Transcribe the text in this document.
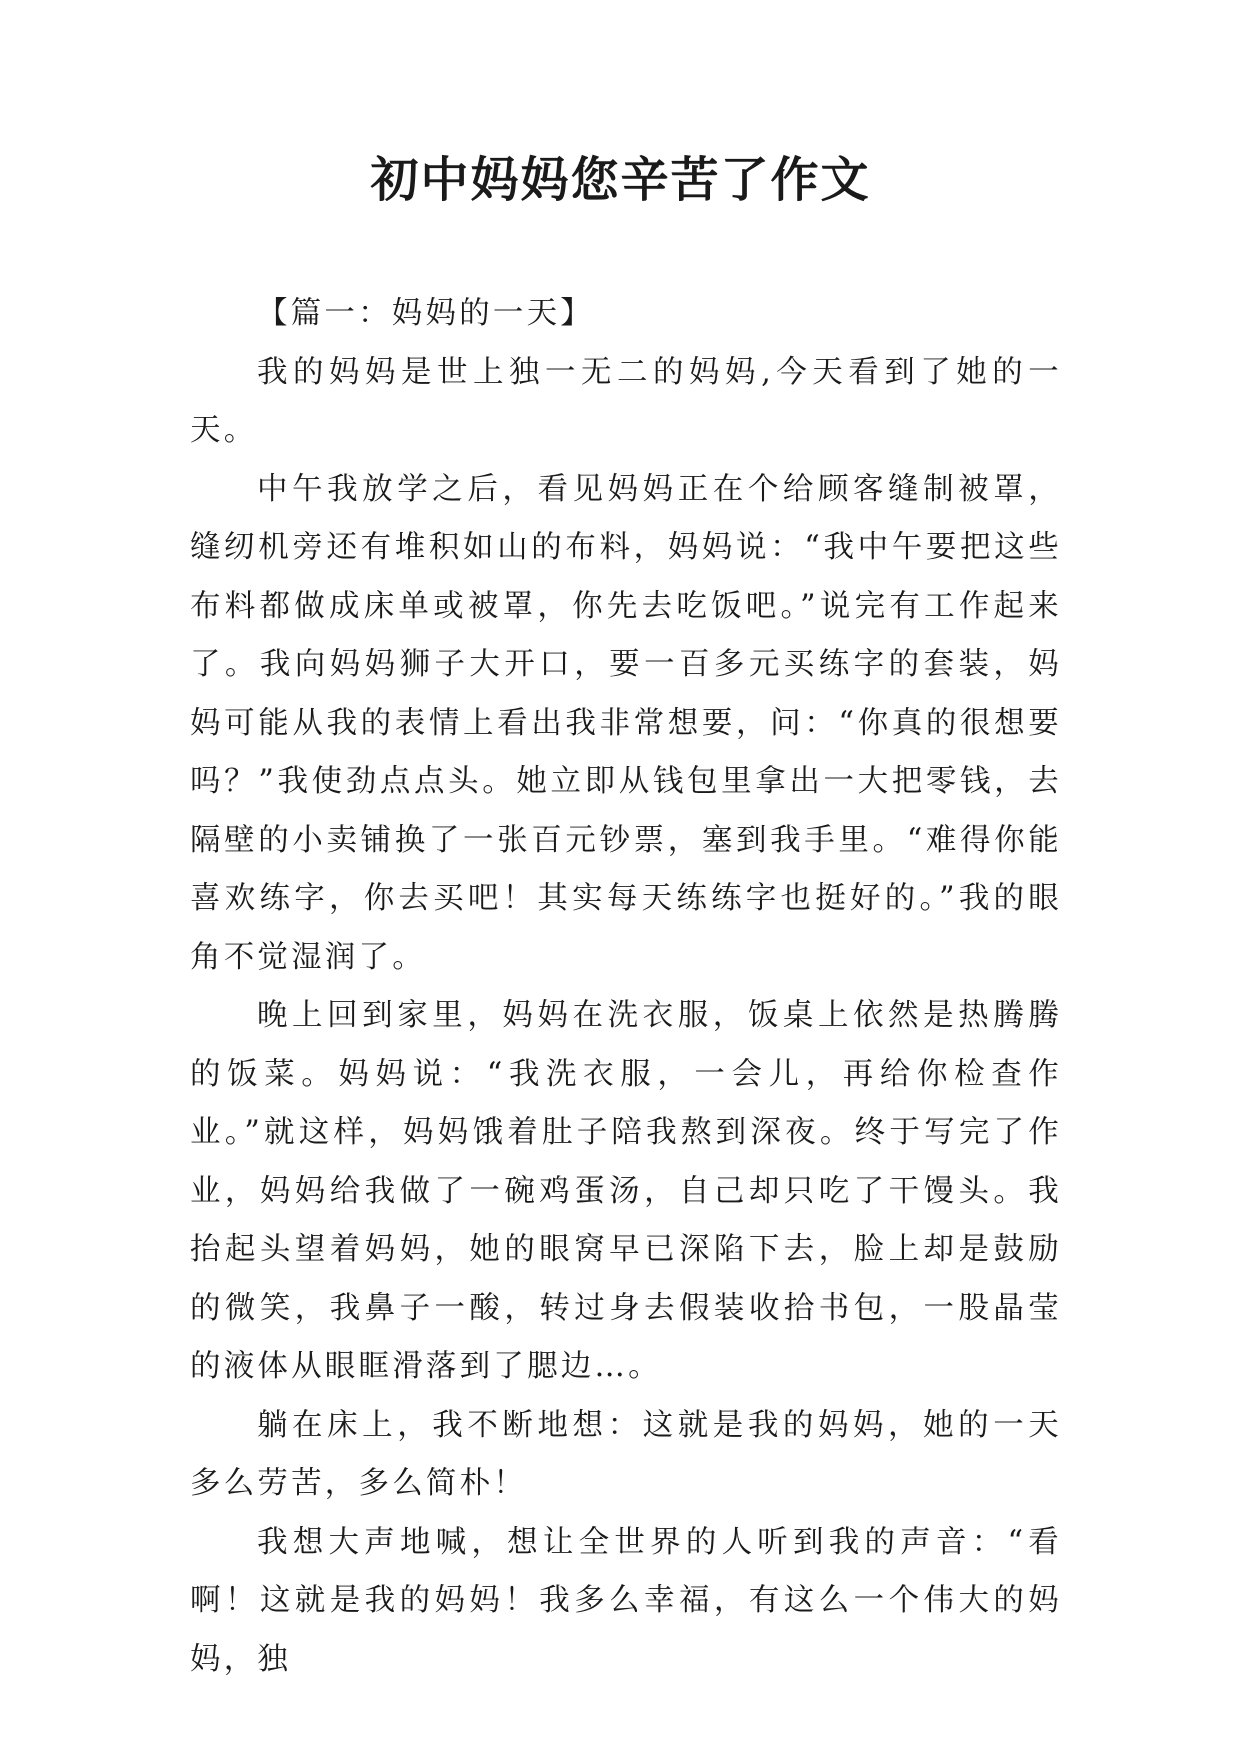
初中妈妈您辛苦了作文

【篇一：妈妈的一天】

我的妈妈是世上独一无二的妈妈,今天看到了她的一天。

中午我放学之后，看见妈妈正在个给顾客缝制被罩，缝纫机旁还有堆积如山的布料，妈妈说：“我中午要把这些布料都做成床单或被罩，你先去吃饭吧。”说完有工作起来了。我向妈妈狮子大开口，要一百多元买练字的套装，妈妈可能从我的表情上看出我非常想要，问：“你真的很想要吗？”我使劲点点头。她立即从钱包里拿出一大把零钱，去隔壁的小卖铺换了一张百元钞票，塞到我手里。“难得你能喜欢练字，你去买吧！其实每天练练字也挺好的。”我的眼角不觉湿润了。

晚上回到家里，妈妈在洗衣服，饭桌上依然是热腾腾的饭菜。妈妈说：“我洗衣服，一会儿，再给你检查作业。”就这样，妈妈饿着肚子陪我熬到深夜。终于写完了作业，妈妈给我做了一碗鸡蛋汤，自己却只吃了干馒头。我抬起头望着妈妈，她的眼窝早已深陷下去，脸上却是鼓励的微笑，我鼻子一酸，转过身去假装收拾书包，一股晶莹的液体从眼眶滑落到了腮边…。

躺在床上，我不断地想：这就是我的妈妈，她的一天多么劳苦，多么简朴！

我想大声地喊，想让全世界的人听到我的声音：“看啊！这就是我的妈妈！我多么幸福，有这么一个伟大的妈妈，独
